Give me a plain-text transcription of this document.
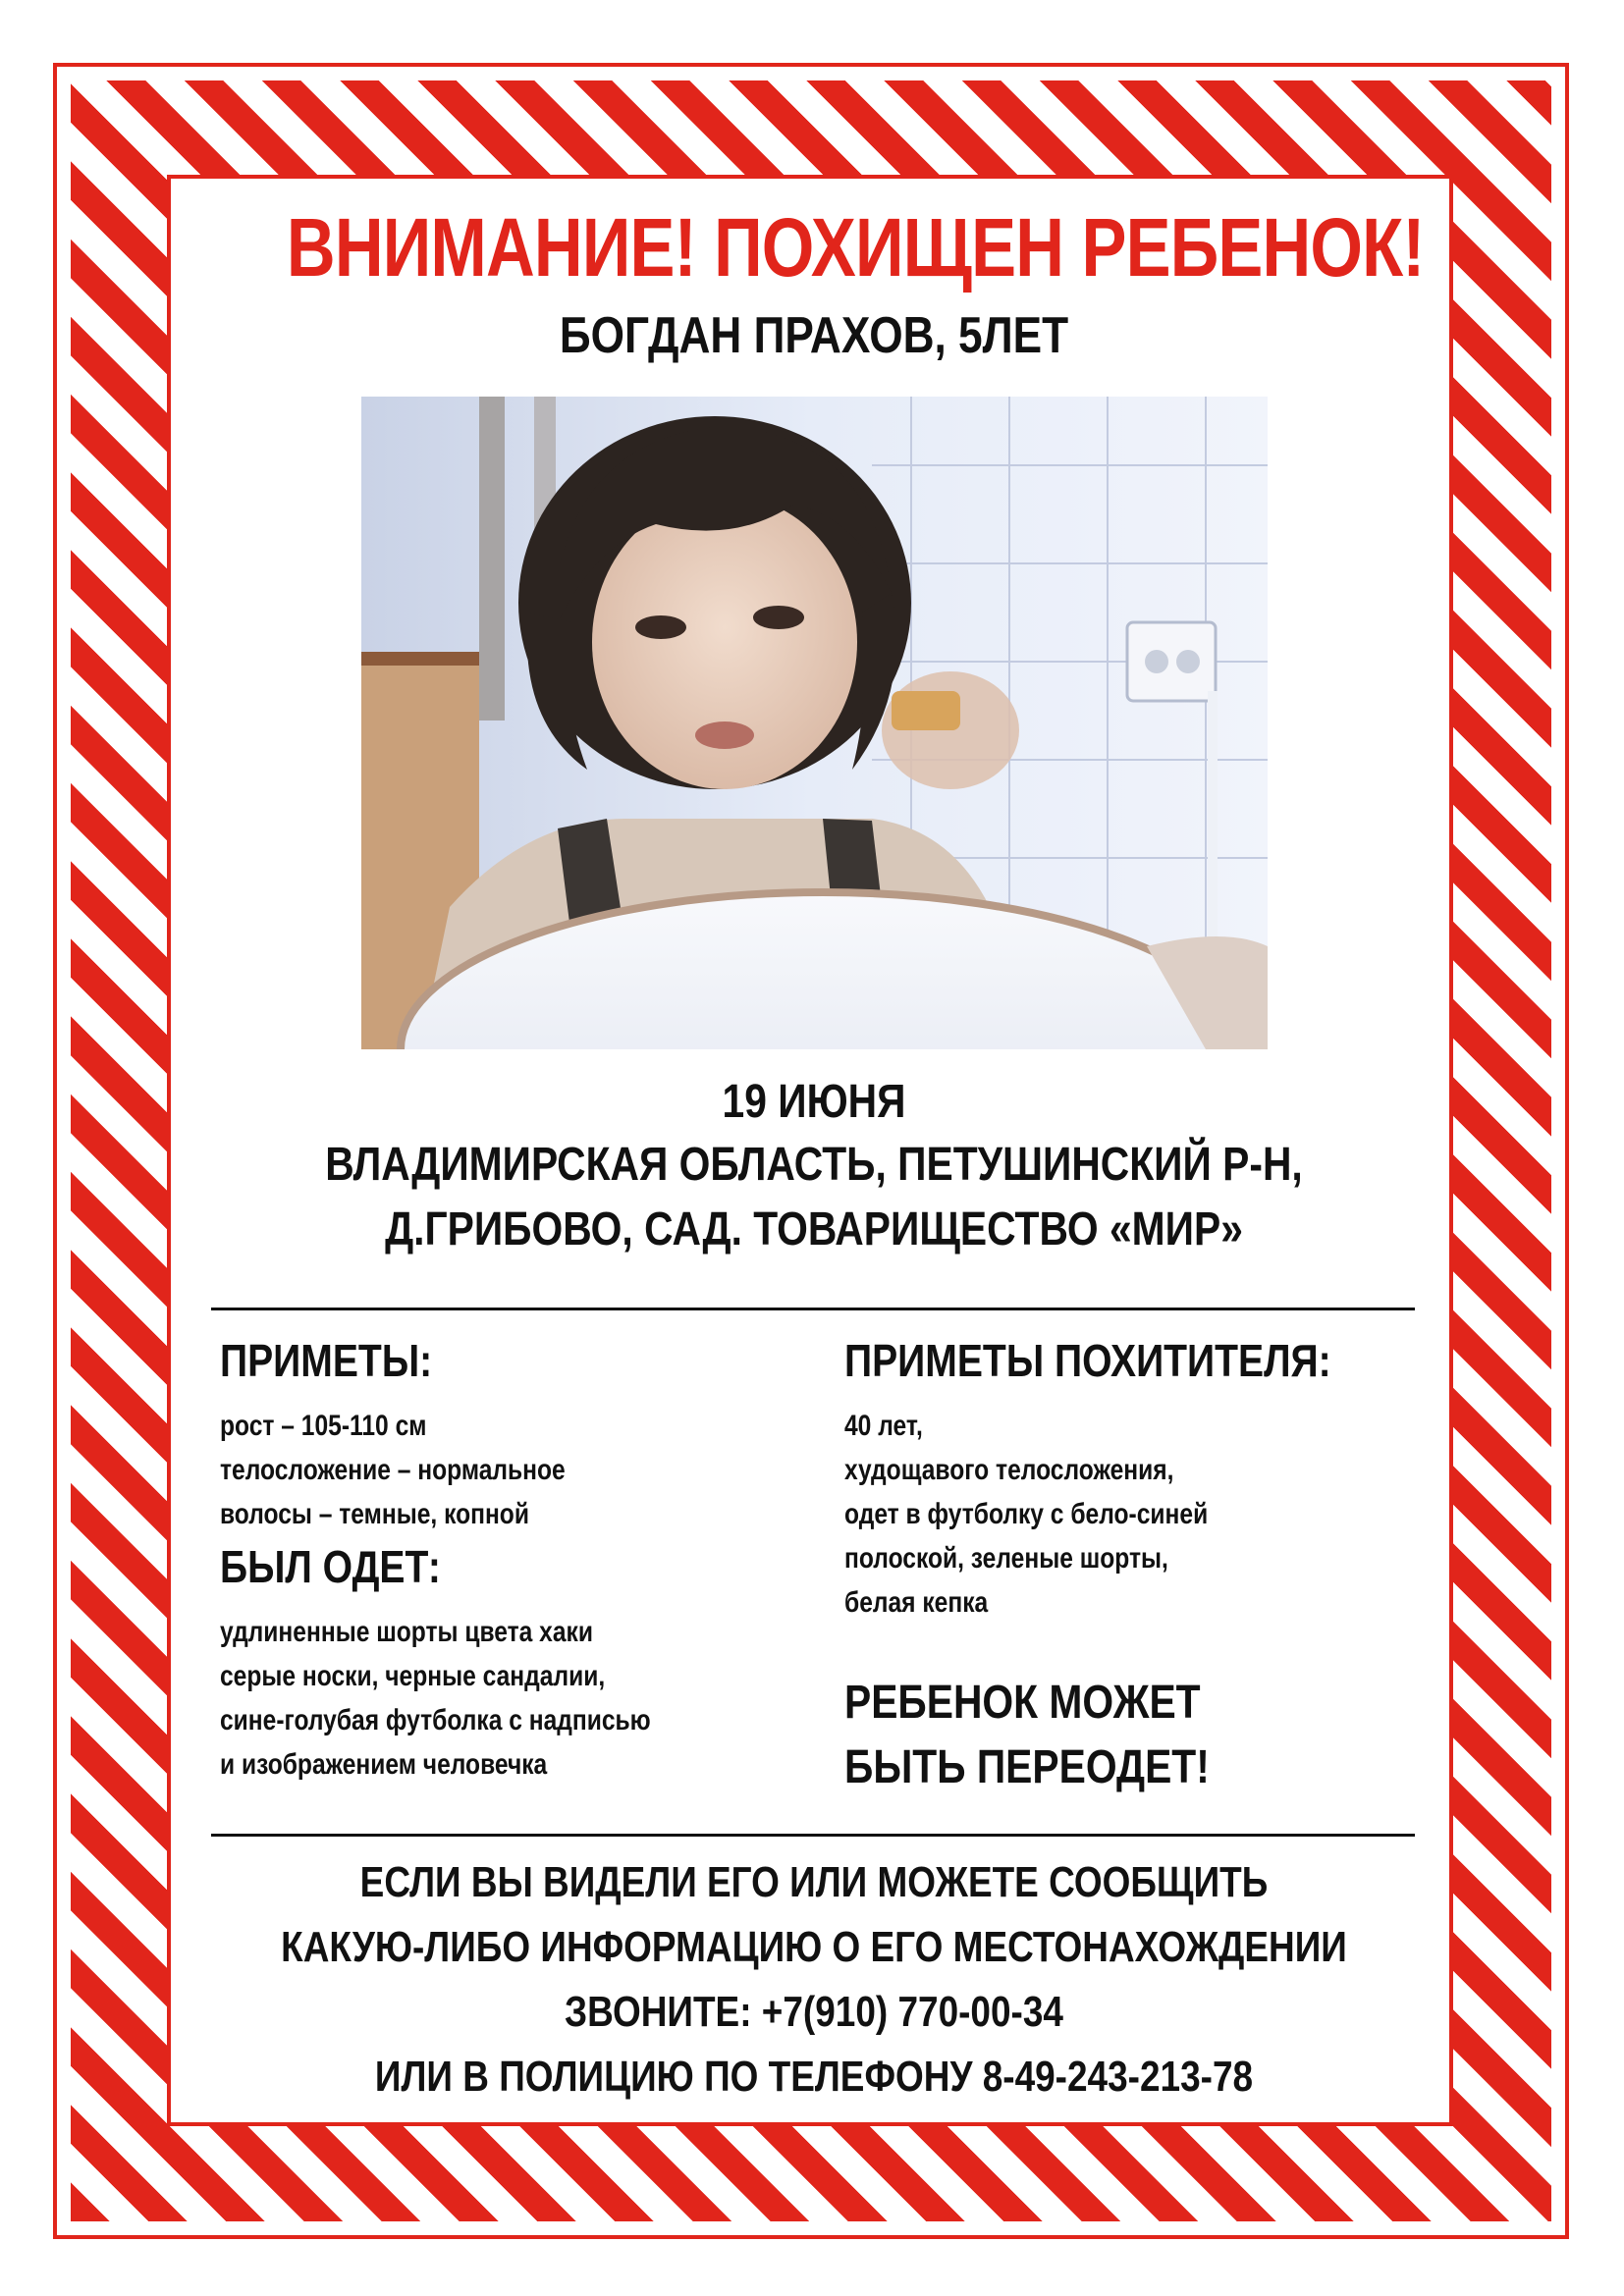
ВНИМАНИЕ! ПОХИЩЕН РЕБЕНОК!
БОГДАН ПРАХОВ, 5ЛЕТ
19 ИЮНЯ
ВЛАДИМИРСКАЯ ОБЛАСТЬ, ПЕТУШИНСКИЙ Р-Н,
Д.ГРИБОВО, САД. ТОВАРИЩЕСТВО «МИР»
ПРИМЕТЫ:
рост – 105-110 см
телосложение – нормальное
волосы – темные, копной
БЫЛ ОДЕТ:
удлиненные шорты цвета хаки
серые носки, черные сандалии,
сине-голубая футболка с надписью
и изображением человечка
ПРИМЕТЫ ПОХИТИТЕЛЯ:
40 лет,
худощавого телосложения,
одет в футболку с бело-синей
полоской, зеленые шорты,
белая кепка
РЕБЕНОК МОЖЕТ
БЫТЬ ПЕРЕОДЕТ!
ЕСЛИ ВЫ ВИДЕЛИ ЕГО ИЛИ МОЖЕТЕ СООБЩИТЬ
КАКУЮ-ЛИБО ИНФОРМАЦИЮ О ЕГО МЕСТОНАХОЖДЕНИИ
ЗВОНИТЕ: +7(910) 770-00-34
ИЛИ В ПОЛИЦИЮ ПО ТЕЛЕФОНУ 8-49-243-213-78
